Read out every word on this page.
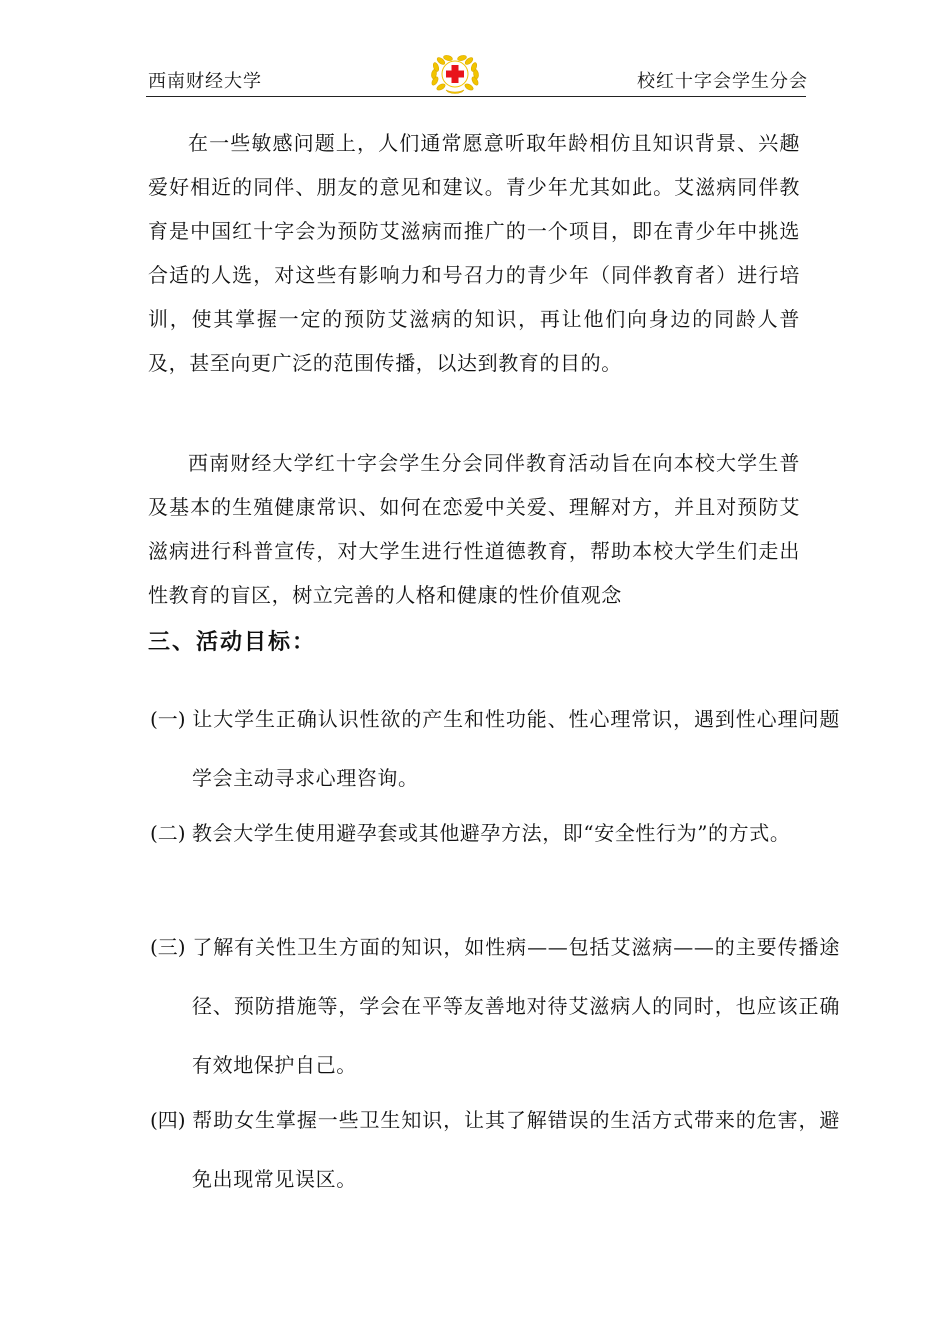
西南财经大学	校红十字会学生分会

在一些敏感问题上，人们通常愿意听取年龄相仿且知识背景、兴趣爱好相近的同伴、朋友的意见和建议。青少年尤其如此。艾滋病同伴教育是中国红十字会为预防艾滋病而推广的一个项目，即在青少年中挑选合适的人选，对这些有影响力和号召力的青少年（同伴教育者）进行培训，使其掌握一定的预防艾滋病的知识，再让他们向身边的同龄人普及，甚至向更广泛的范围传播，以达到教育的目的。

西南财经大学红十字会学生分会同伴教育活动旨在向本校大学生普及基本的生殖健康常识、如何在恋爱中关爱、理解对方，并且对预防艾滋病进行科普宣传，对大学生进行性道德教育，帮助本校大学生们走出性教育的盲区，树立完善的人格和健康的性价值观念

三、活动目标：

(一) 让大学生正确认识性欲的产生和性功能、性心理常识，遇到性心理问题学会主动寻求心理咨询。

(二) 教会大学生使用避孕套或其他避孕方法，即“安全性行为”的方式。

(三) 了解有关性卫生方面的知识，如性病——包括艾滋病——的主要传播途径、预防措施等，学会在平等友善地对待艾滋病人的同时，也应该正确有效地保护自己。

(四) 帮助女生掌握一些卫生知识，让其了解错误的生活方式带来的危害，避免出现常见误区。
